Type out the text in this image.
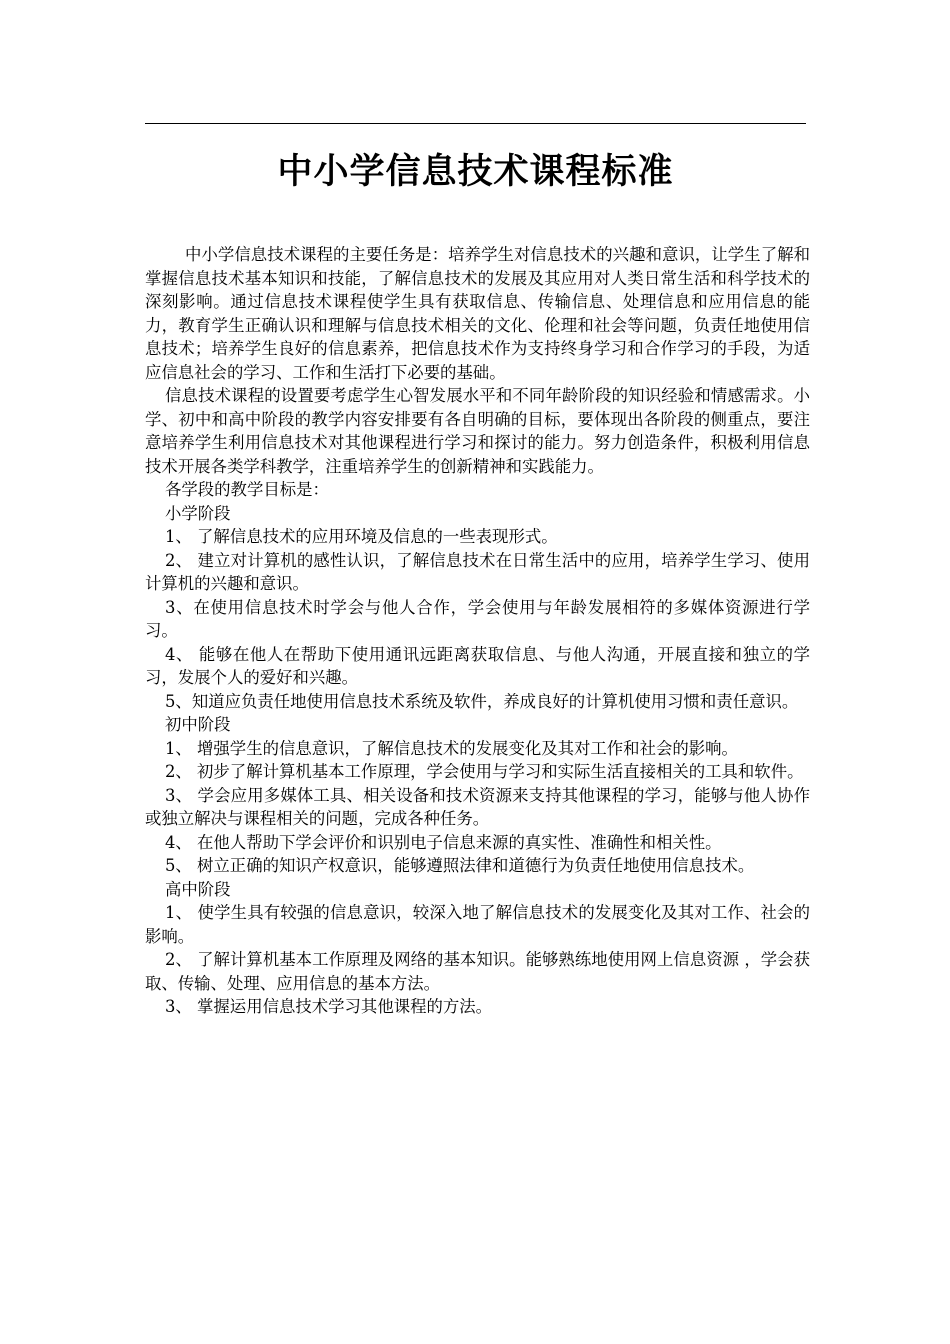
中小学信息技术课程标准

中小学信息技术课程的主要任务是：培养学生对信息技术的兴趣和意识，让学生了解和掌握信息技术基本知识和技能，了解信息技术的发展及其应用对人类日常生活和科学技术的深刻影响。通过信息技术课程使学生具有获取信息、传输信息、处理信息和应用信息的能力，教育学生正确认识和理解与信息技术相关的文化、伦理和社会等问题，负责任地使用信息技术；培养学生良好的信息素养，把信息技术作为支持终身学习和合作学习的手段，为适应信息社会的学习、工作和生活打下必要的基础。

信息技术课程的设置要考虑学生心智发展水平和不同年龄阶段的知识经验和情感需求。小学、初中和高中阶段的教学内容安排要有各自明确的目标，要体现出各阶段的侧重点，要注意培养学生利用信息技术对其他课程进行学习和探讨的能力。努力创造条件，积极利用信息技术开展各类学科教学，注重培养学生的创新精神和实践能力。

各学段的教学目标是：

小学阶段

1、 了解信息技术的应用环境及信息的一些表现形式。

2、 建立对计算机的感性认识，了解信息技术在日常生活中的应用，培养学生学习、使用计算机的兴趣和意识。

3、在使用信息技术时学会与他人合作，学会使用与年龄发展相符的多媒体资源进行学习。

4、 能够在他人在帮助下使用通讯远距离获取信息、与他人沟通，开展直接和独立的学习，发展个人的爱好和兴趣。

5、知道应负责任地使用信息技术系统及软件，养成良好的计算机使用习惯和责任意识。

初中阶段

1、 增强学生的信息意识，了解信息技术的发展变化及其对工作和社会的影响。

2、 初步了解计算机基本工作原理，学会使用与学习和实际生活直接相关的工具和软件。

3、 学会应用多媒体工具、相关设备和技术资源来支持其他课程的学习，能够与他人协作或独立解决与课程相关的问题，完成各种任务。

4、 在他人帮助下学会评价和识别电子信息来源的真实性、准确性和相关性。

5、 树立正确的知识产权意识，能够遵照法律和道德行为负责任地使用信息技术。

高中阶段

1、 使学生具有较强的信息意识，较深入地了解信息技术的发展变化及其对工作、社会的影响。

2、 了解计算机基本工作原理及网络的基本知识。能够熟练地使用网上信息资源 ，学会获取、传输、处理、应用信息的基本方法。

3、 掌握运用信息技术学习其他课程的方法。
